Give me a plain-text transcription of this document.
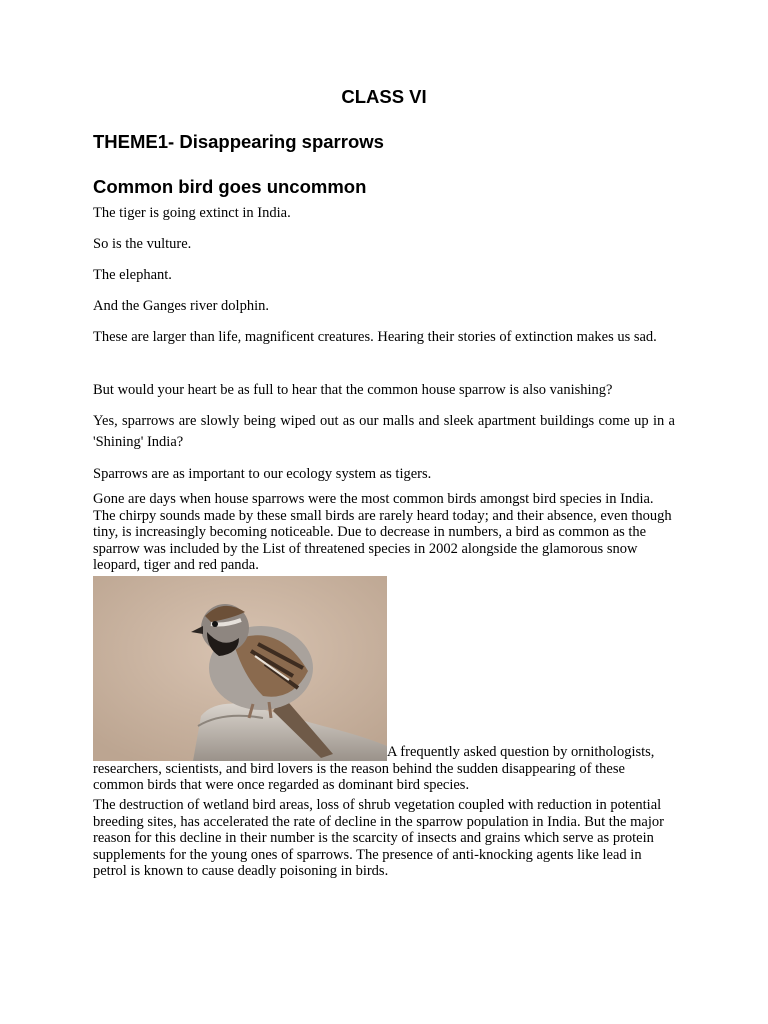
CLASS VI
THEME1- Disappearing sparrows
Common bird goes uncommon

The tiger is going extinct in India.

So is the vulture.

The elephant.

And the Ganges river dolphin.

These are larger than life, magnificent creatures. Hearing their stories of extinction makes us sad.

But would your heart be as full to hear that the common house sparrow is also vanishing?

Yes, sparrows are slowly being wiped out as our malls and sleek apartment buildings come up in a 'Shining' India?

Sparrows are as important to our ecology system as tigers.

Gone are days when house sparrows were the most common birds amongst bird species in India. The chirpy sounds made by these small birds are rarely heard today; and their absence, even though tiny, is increasingly becoming noticeable. Due to decrease in numbers, a bird as common as the sparrow was included by the List of threatened species in 2002 alongside the glamorous snow leopard, tiger and red panda.

A frequently asked question by ornithologists, researchers, scientists, and bird lovers is the reason behind the sudden disappearing of these common birds that were once regarded as dominant bird species.

The destruction of wetland bird areas, loss of shrub vegetation coupled with reduction in potential breeding sites, has accelerated the rate of decline in the sparrow population in India. But the major reason for this decline in their number is the scarcity of insects and grains which serve as protein supplements for the young ones of sparrows. The presence of anti-knocking agents like lead in petrol is known to cause deadly poisoning in birds.
